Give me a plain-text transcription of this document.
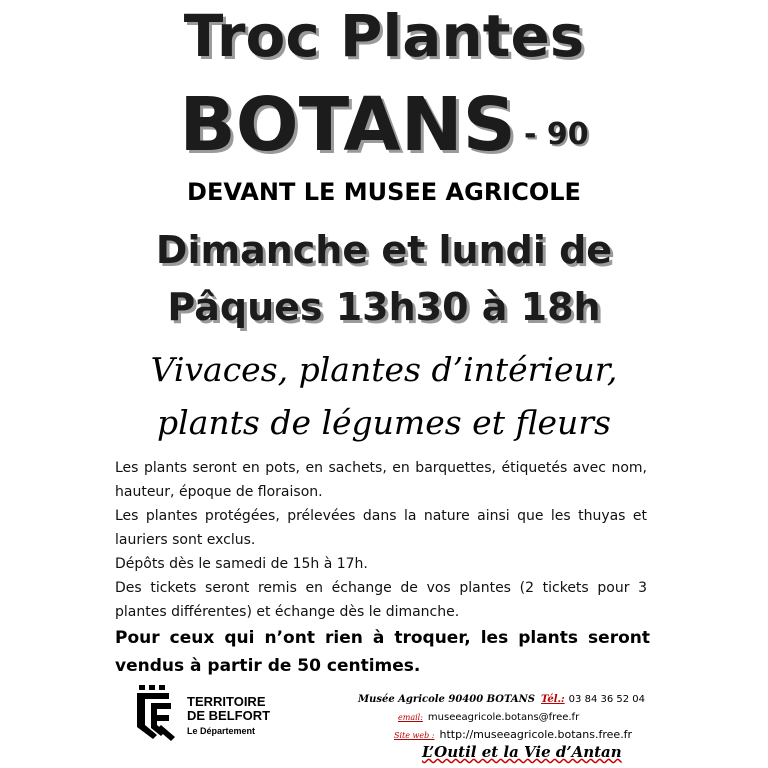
Troc Plantes
BOTANS - 90
DEVANT LE MUSEE AGRICOLE
Dimanche et lundi de
Pâques 13h30 à 18h
Vivaces, plantes d’intérieur,
plants de légumes et fleurs

Les plants seront en pots, en sachets, en barquettes, étiquetés avec nom, hauteur, époque de floraison.

Les plantes protégées, prélevées dans la nature ainsi que les thuyas et lauriers sont exclus.

Dépôts dès le samedi de 15h à 17h.

Des tickets seront remis en échange de vos plantes (2 tickets pour 3 plantes différentes) et échange dès le dimanche.

Pour ceux qui n’ont rien à troquer, les plants seront vendus à partir de 50 centimes.
TERRITOIRE
DE BELFORT
Le Département
Musée Agricole 90400 BOTANS Tél.: 03 84 36 52 04
email: museeagricole.botans@free.fr
Site web : http://museeagricole.botans.free.fr
L’Outil et la Vie d’Antan
